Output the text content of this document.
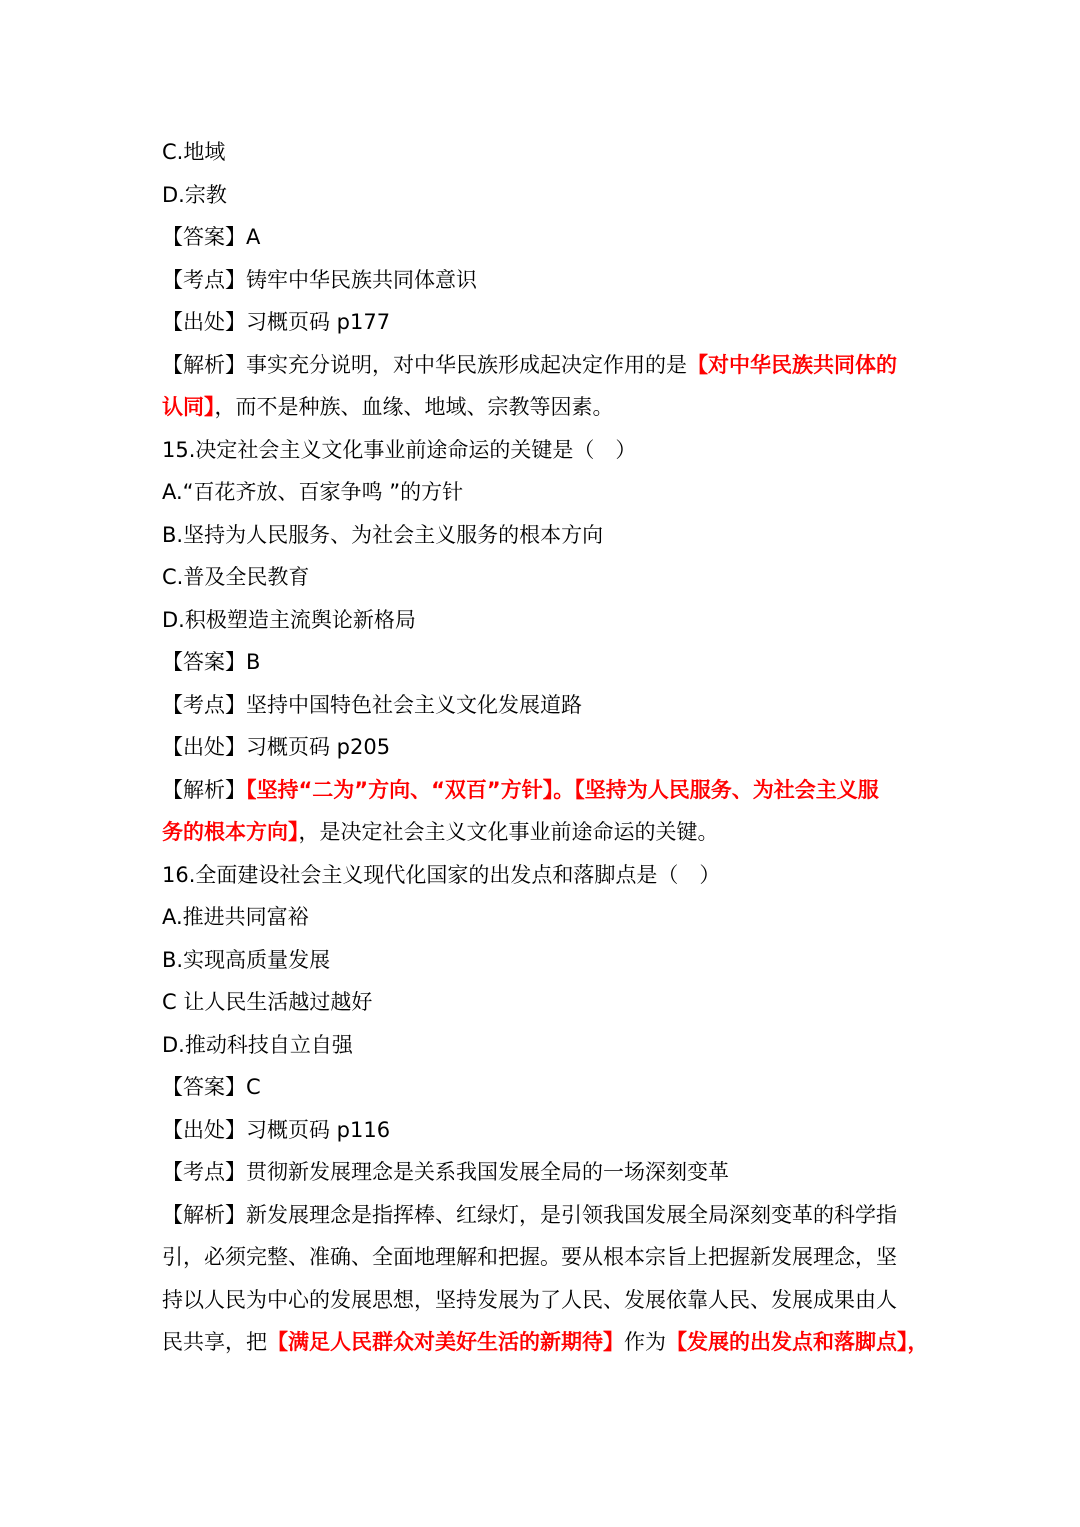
C.地域
D.宗教
【答案】A
【考点】铸牢中华民族共同体意识
【出处】习概页码 p177
【解析】事实充分说明，对中华民族形成起决定作用的是【对中华民族共同体的
认同】，而不是种族、血缘、地域、宗教等因素。
15.决定社会主义文化事业前途命运的关键是（　）
A.“百花齐放、百家争鸣 ”的方针
B.坚持为人民服务、为社会主义服务的根本方向
C.普及全民教育
D.积极塑造主流舆论新格局
【答案】B
【考点】坚持中国特色社会主义文化发展道路
【出处】习概页码 p205
【解析】【坚持“二为”方向、“双百”方针】。【坚持为人民服务、为社会主义服
务的根本方向】，是决定社会主义文化事业前途命运的关键。
16.全面建设社会主义现代化国家的出发点和落脚点是（　）
A.推进共同富裕
B.实现高质量发展
C 让人民生活越过越好
D.推动科技自立自强
【答案】C
【出处】习概页码 p116
【考点】贯彻新发展理念是关系我国发展全局的一场深刻变革
【解析】新发展理念是指挥棒、红绿灯，是引领我国发展全局深刻变革的科学指
引，必须完整、准确、全面地理解和把握。要从根本宗旨上把握新发展理念，坚
持以人民为中心的发展思想，坚持发展为了人民、发展依靠人民、发展成果由人
民共享，把【满足人民群众对美好生活的新期待】作为【发展的出发点和落脚点】，
